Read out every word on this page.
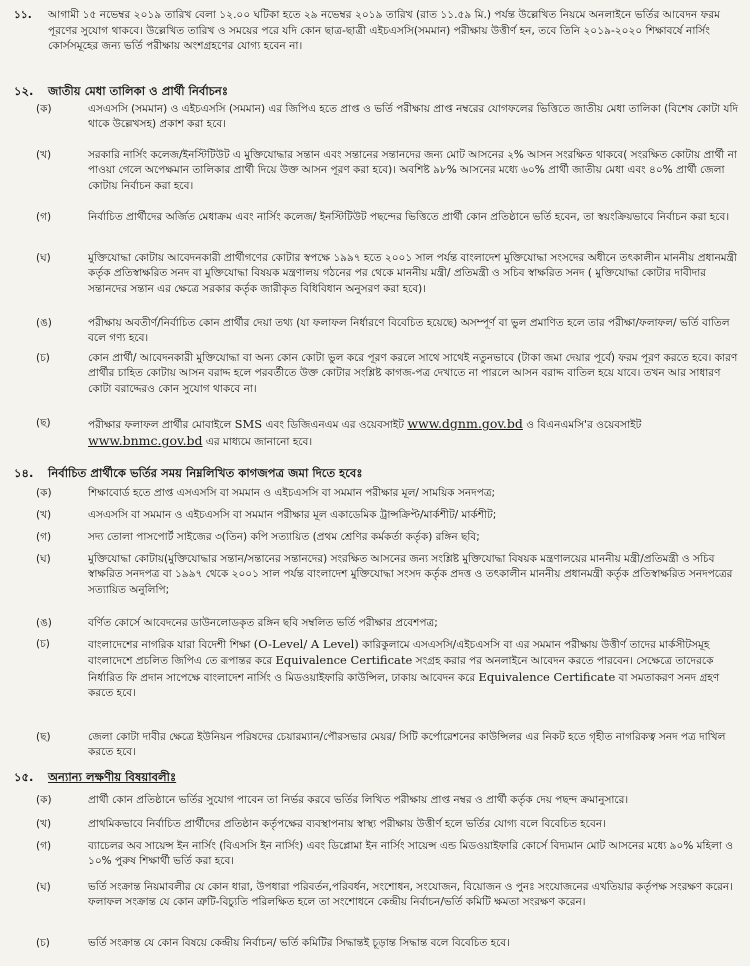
১১.	আগামী ১৫ নভেম্বর ২০১৯ তারিখ বেলা ১২.০০ ঘটিকা হতে ২৯ নভেম্বর ২০১৯ তারিখ (রাত ১১.৫৯ মি.) পর্যন্ত উল্লেখিত নিয়মে অনলাইনে ভর্তির আবেদন ফরম পূরণের সুযোগ থাকবে। উল্লেখিত তারিখ ও সময়ের পরে যদি কোন ছাত্র-ছাত্রী এইচএসসি(সমমান) পরীক্ষায় উত্তীর্ণ হন, তবে তিনি ২০১৯-২০২০ শিক্ষাবর্ষে নার্সিং কোর্সসমূহের জন্য ভর্তি পরীক্ষায় অংশগ্রহণের যোগ্য হবেন না।
১২.	জাতীয় মেধা তালিকা ও প্রার্থী নির্বাচনঃ
(ক)	এসএসসি (সমমান) ও এইচএসসি (সমমান) এর জিপিএ হতে প্রাপ্ত ও ভর্তি পরীক্ষায় প্রাপ্ত নম্বরের যোগফলের ভিত্তিতে জাতীয় মেধা তালিকা (বিশেষ কোটা যদি থাকে উল্লেখসহ) প্রকাশ করা হবে।
(খ)	সরকারি নার্সিং কলেজ/ইনস্টিটিউট এ মুক্তিযোদ্ধার সন্তান এবং সন্তানের সন্তানদের জন্য মোট আসনের ২% আসন সংরক্ষিত থাকবে( সংরক্ষিত কোটায় প্রার্থী না পাওয়া গেলে অপেক্ষমান তালিকার প্রার্থী দিয়ে উক্ত আসন পূরণ করা হবে)। অবশিষ্ট ৯৮% আসনের মধ্যে ৬০% প্রার্থী জাতীয় মেধা এবং ৪০% প্রার্থী জেলা কোটায় নির্বাচন করা হবে।
(গ)	নির্বাচিত প্রার্থীদের অর্জিত মেধাক্রম এবং নার্সিং কলেজ/ ইনস্টিটিউট পছন্দের ভিত্তিতে প্রার্থী কোন প্রতিষ্ঠানে ভর্তি হবেন, তা স্বয়ংক্রিয়ভাবে নির্বাচন করা হবে।
(ঘ)	মুক্তিযোদ্ধা কোটায় আবেদনকারী প্রার্থীগণের কোটার স্বপক্ষে ১৯৯৭ হতে ২০০১ সাল পর্যন্ত বাংলাদেশ মুক্তিযোদ্ধা সংসদের অধীনে তৎকালীন মাননীয় প্রধানমন্ত্রী কর্তৃক প্রতিস্বাক্ষরিত সনদ বা মুক্তিযোদ্ধা বিষয়ক মন্ত্রণালয় গঠনের পর থেকে মাননীয় মন্ত্রী/ প্রতিমন্ত্রী ও সচিব স্বাক্ষরিত সনদ ( মুক্তিযোদ্ধা কোটার দাবীদার সন্তানদের সন্তান এর ক্ষেত্রে সরকার কর্তৃক জারীকৃত বিধিবিধান অনুসরণ করা হবে)।
(ঙ)	পরীক্ষায় অবতীর্ণ/নির্বাচিত কোন প্রার্থীর দেয়া তথ্য (যা ফলাফল নির্ধারণে বিবেচিত হয়েছে) অসম্পূর্ণ বা ভুল প্রমাণিত হলে তার পরীক্ষা/ফলাফল/ ভর্তি বাতিল বলে গণ্য হবে।
(চ)	কোন প্রার্থী/ আবেদনকারী মুক্তিযোদ্ধা বা অন্য কোন কোটা ভুল করে পূরণ করলে সাথে সাথেই নতুনভাবে (টাকা জমা দেয়ার পূর্বে) ফরম পূরণ করতে হবে। কারণ প্রার্থীর চাহিত কোটায় আসন বরাদ্দ হলে পরবর্তীতে উক্ত কোটার সংশ্লিষ্ট কাগজ-পত্র দেখাতে না পারলে আসন বরাদ্দ বাতিল হয়ে যাবে। তখন আর সাধারণ কোটা বরাদ্দেরও কোন সুযোগ থাকবে না।
(ছ)	পরীক্ষার ফলাফল প্রার্থীর মোবাইলে SMS এবং ডিজিএনএম এর ওয়েবসাইট www.dgnm.gov.bd ও বিএনএমসি'র ওয়েবসাইট www.bnmc.gov.bd এর মাধ্যমে জানানো হবে।
১৪.	নির্বাচিত প্রার্থীকে ভর্তির সময় নিম্নলিখিত কাগজপত্র জমা দিতে হবেঃ
(ক)	শিক্ষাবোর্ড হতে প্রাপ্ত এসএসসি বা সমমান ও এইচএসসি বা সমমান পরীক্ষার মূল/ সাময়িক সনদপত্র;
(খ)	এসএসসি বা সমমান ও এইচএসসি বা সমমান পরীক্ষার মূল একাডেমিক ট্রান্সক্রিপ্ট/মার্কশীট/ মার্কশীট;
(গ)	সদ্য তোলা পাসপোর্ট সাইজের ৩(তিন) কপি সত্যায়িত (প্রথম শ্রেণির কর্মকর্তা কর্তৃক) রঙ্গিন ছবি;
(ঘ)	মুক্তিযোদ্ধা কোটায়(মুক্তিযোদ্ধার সন্তান/সন্তানের সন্তানদের) সংরক্ষিত আসনের জন্য সংশ্লিষ্ট মুক্তিযোদ্ধা বিষয়ক মন্ত্রণালয়ের মাননীয় মন্ত্রী/প্রতিমন্ত্রী ও সচিব স্বাক্ষরিত সনদপত্র বা ১৯৯৭ থেকে ২০০১ সাল পর্যন্ত বাংলাদেশ মুক্তিযোদ্ধা সংসদ কর্তৃক প্রদত্ত ও তৎকালীন মাননীয় প্রধানমন্ত্রী কর্তৃক প্রতিস্বাক্ষরিত সনদপত্রের সত্যায়িত অনুলিপি;
(ঙ)	বর্ণিত কোর্সে আবেদনের ডাউনলোডকৃত রঙ্গিন ছবি সম্বলিত ভর্তি পরীক্ষার প্রবেশপত্র;
(চ)	বাংলাদেশের নাগরিক যারা বিদেশী শিক্ষা (O-Level/ A Level) কারিকুলামে এসএসসি/এইচএসসি বা এর সমমান পরীক্ষায় উত্তীর্ণ তাদের মার্কসীটসমূহ বাংলাদেশে প্রচলিত জিপিএ তে রূপান্তর করে Equivalence Certificate সংগ্রহ করার পর অনলাইনে আবেদন করতে পারবেন। সেক্ষেত্রে তাদেরকে নির্ধারিত ফি প্রদান সাপেক্ষে বাংলাদেশ নার্সিং ও মিডওয়াইফারি কাউন্সিল, ঢাকায় আবেদন করে Equivalence Certificate বা সমতাকরণ সনদ গ্রহণ করতে হবে।
(ছ)	জেলা কোটা দাবীর ক্ষেত্রে ইউনিয়ন পরিষদের চেয়ারম্যান/পৌরসভার মেয়র/ সিটি কর্পোরেশনের কাউন্সিলর এর নিকট হতে গৃহীত নাগরিকত্ব সনদ পত্র দাখিল করতে হবে।
১৫.	অন্যান্য লক্ষণীয় বিষয়াবলীঃ
(ক)	প্রার্থী কোন প্রতিষ্ঠানে ভর্তির সুযোগ পাবেন তা নির্ভর করবে ভর্তির লিখিত পরীক্ষায় প্রাপ্ত নম্বর ও প্রার্থী কর্তৃক দেয় পছন্দ ক্রমানুসারে।
(খ)	প্রাথমিকভাবে নির্বাচিত প্রার্থীদের প্রতিষ্ঠান কর্তৃপক্ষের ব্যবস্থাপনায় স্বাস্থ্য পরীক্ষায় উত্তীর্ণ হলে ভর্তির যোগ্য বলে বিবেচিত হবেন।
(গ)	ব্যাচেলর অব সায়েন্স ইন নার্সিং (বিএসসি ইন নার্সিং) এবং ডিপ্লোমা ইন নার্সিং সায়েন্স এন্ড মিডওয়াইফারি কোর্সে বিদ্যমান মোট আসনের মধ্যে ৯০% মহিলা ও ১০% পুরুষ শিক্ষার্থী ভর্তি করা হবে।
(ঘ)	ভর্তি সংক্রান্ত নিয়মাবলীর যে কোন ধারা, উপধারা পরিবর্তন,পরিবর্ধন, সংশোধন, সংযোজন, বিয়োজন ও পুনঃ সংযোজনের এখতিয়ার কর্তৃপক্ষ সংরক্ষণ করেন। ফলাফল সংক্রান্ত যে কোন ত্রুটি-বিচ্যুতি পরিলক্ষিত হলে তা সংশোধনে কেন্দ্রীয় নির্বাচন/ভর্তি কমিটি ক্ষমতা সংরক্ষণ করেন।
(চ)	ভর্তি সংক্রান্ত যে কোন বিষয়ে কেন্দ্রীয় নির্বাচন/ ভর্তি কমিটির সিদ্ধান্তই চূড়ান্ত সিদ্ধান্ত বলে বিবেচিত হবে।
